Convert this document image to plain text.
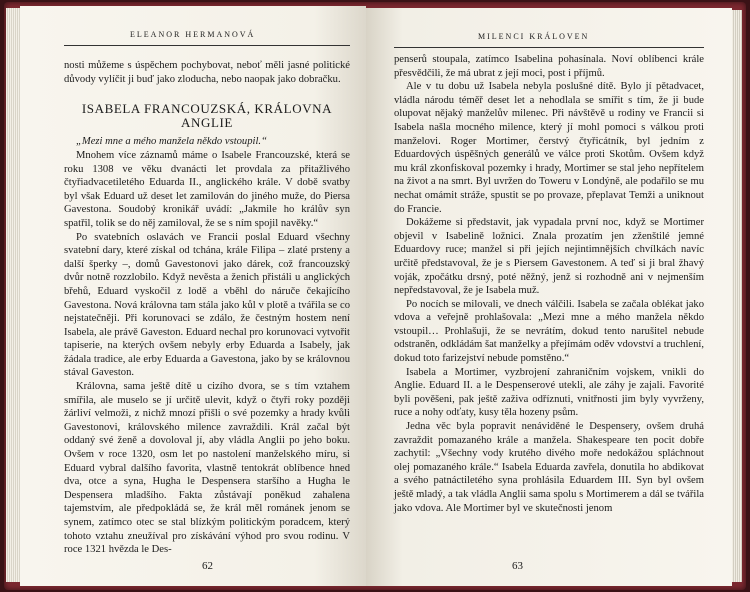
ELEANOR HERMANOVÁ

nosti můžeme s úspěchem pochybovat, neboť měli jasné politické důvody vylíčit ji buď jako zloducha, nebo naopak jako dobračku.

ISABELA FRANCOUZSKÁ, KRÁLOVNA ANGLIE

„Mezi mne a mého manžela někdo vstoupil.“

Mnohem více záznamů máme o Isabele Francouzské, která se roku 1308 ve věku dvanácti let provdala za přitažlivého čtyřiadvacetiletého Eduarda II., anglického krále. V době svatby byl však Eduard už deset let zamilován do jiného muže, do Piersa Gavestona. Soudobý kronikář uvádí: „Jakmile ho králův syn spatřil, tolik se do něj zamiloval, že se s ním spojil navěky.“

Po svatebních oslavách ve Francii poslal Eduard všechny svatební dary, které získal od tchána, krále Filipa – zlaté prsteny a další šperky –, domů Gavestonovi jako dárek, což francouzský dvůr notně rozzlobilo. Když nevěsta a ženich přistáli u anglických břehů, Eduard vyskočil z lodě a vběhl do náruče čekajícího Gavestona. Nová královna tam stála jako kůl v plotě a tvářila se co nejstatečněji. Při korunovaci se zdálo, že čestným hostem není Isabela, ale právě Gaveston. Eduard nechal pro korunovaci vytvořit tapiserie, na kterých ovšem nebyly erby Eduarda a Isabely, jak žádala tradice, ale erby Eduarda a Gavestona, jako by se královnou stával Gaveston.

Královna, sama ještě dítě u cizího dvora, se s tím vztahem smířila, ale muselo se jí určitě ulevit, když o čtyři roky později žárliví velmoži, z nichž mnozí přišli o své pozemky a hrady kvůli Gavestonovi, královského milence zavraždili. Král začal být oddaný své ženě a dovoloval jí, aby vládla Anglii po jeho boku. Ovšem v roce 1320, osm let po nastolení manželského míru, si Eduard vybral dalšího favorita, vlastně tentokrát oblíbence hned dva, otce a syna, Hugha le Despensera staršího a Hugha le Despensera mladšího. Fakta zůstávají poněkud zahalena tajemstvím, ale předpokládá se, že král měl románek jenom se synem, zatímco otec se stal blízkým politickým poradcem, který tohoto vztahu zneužíval pro získávání výhod pro svou rodinu. V roce 1321 hvězda le Des-

62
MILENCI KRÁLOVEN

penserů stoupala, zatímco Isabelina pohasínala. Noví oblíbenci krále přesvědčili, že má ubrat z její moci, post i příjmů.

Ale v tu dobu už Isabela nebyla poslušné dítě. Bylo jí pětadvacet, vládla národu téměř deset let a nehodlala se smířit s tím, že ji bude olupovat nějaký manželův milenec. Při návštěvě u rodiny ve Francii si Isabela našla mocného milence, který jí mohl pomoci s válkou proti manželovi. Roger Mortimer, čerstvý čtyřicátník, byl jedním z Eduardových úspěšných generálů ve válce proti Skotům. Ovšem když mu král zkonfiskoval pozemky i hrady, Mortimer se stal jeho nepřítelem na život a na smrt. Byl uvržen do Toweru v Londýně, ale podařilo se mu nechat omámit stráže, spustit se po provaze, přeplavat Temži a uniknout do Francie.

Dokážeme si představit, jak vypadala první noc, když se Mortimer objevil v Isabelině ložnici. Znala prozatím jen zženštilé jemné Eduardovy ruce; manžel si při jejích nejintimnějších chvílkách navíc určitě představoval, že je s Piersem Gavestonem. A teď si ji bral žhavý voják, zpočátku drsný, poté něžný, jenž si rozhodně ani v nejmenším nepředstavoval, že je Isabela muž.

Po nocích se milovali, ve dnech válčili. Isabela se začala oblékat jako vdova a veřejně prohlašovala: „Mezi mne a mého manžela někdo vstoupil… Prohlašuji, že se nevrátím, dokud tento narušitel nebude odstraněn, odkládám šat manželky a přejímám oděv vdovství a truchlení, dokud toto farizejství nebude pomstěno.“

Isabela a Mortimer, vyzbrojení zahraničním vojskem, vnikli do Anglie. Eduard II. a le Despenserové utekli, ale záhy je zajali. Favorité byli pověšeni, pak ještě zaživa odříznuti, vnitřnosti jim byly vyvrženy, ruce a nohy odťaty, kusy těla hozeny psům.

Jedna věc byla popravit nenáviděné le Despensery, ovšem druhá zavraždit pomazaného krále a manžela. Shakespeare ten pocit dobře zachytil: „Všechny vody krutého divého moře nedokážou spláchnout olej pomazaného krále.“ Isabela Eduarda zavřela, donutila ho abdikovat a svého patnáctiletého syna prohlásila Eduardem III. Syn byl ovšem ještě mladý, a tak vládla Anglii sama spolu s Mortimerem a dál se tvářila jako vdova. Ale Mortimer byl ve skutečnosti jenom

63
